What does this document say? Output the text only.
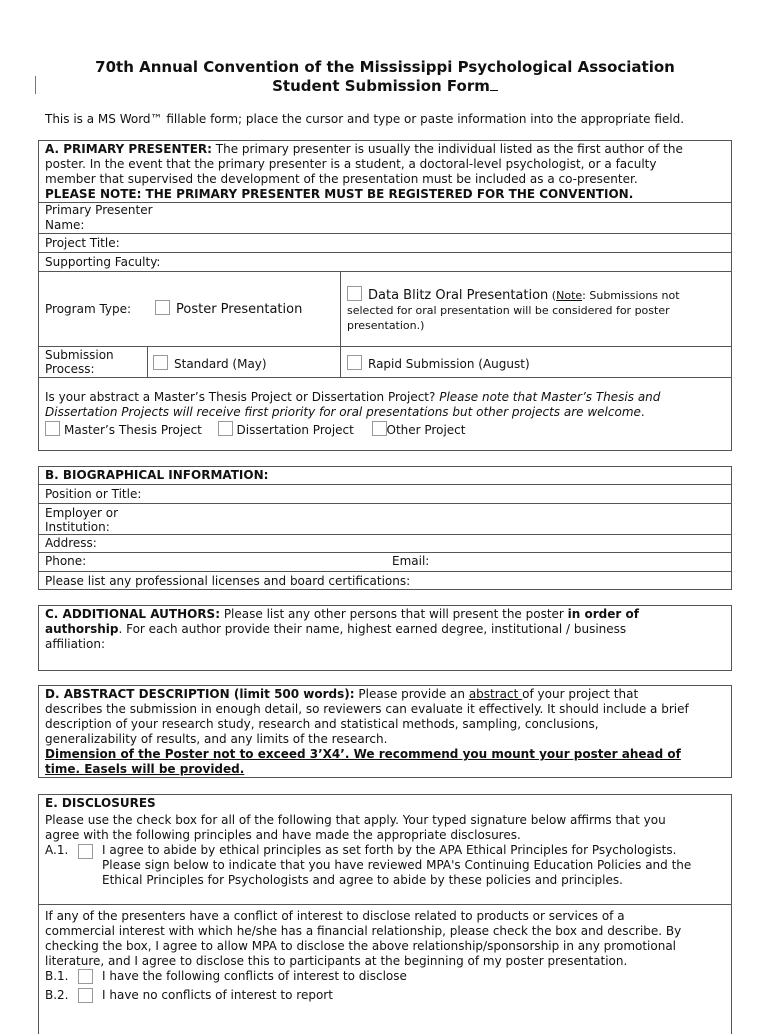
70th Annual Convention of the Mississippi Psychological Association
Student Submission Form
This is a MS Word™ fillable form; place the cursor and type or paste information into the appropriate field.
A. PRIMARY PRESENTER: The primary presenter is usually the individual listed as the first author of the
poster. In the event that the primary presenter is a student, a doctoral-level psychologist, or a faculty
member that supervised the development of the presentation must be included as a co-presenter.
PLEASE NOTE: THE PRIMARY PRESENTER MUST BE REGISTERED FOR THE CONVENTION.
Primary Presenter
Name:
Project Title:
Supporting Faculty:
Program Type:	Poster Presentation
Data Blitz Oral Presentation (Note: Submissions not
selected for oral presentation will be considered for poster
presentation.)
Submission
Process:	Standard (May)	Rapid Submission (August)
Is your abstract a Master’s Thesis Project or Dissertation Project? Please note that Master’s Thesis and
Dissertation Projects will receive first priority for oral presentations but other projects are welcome.
Master’s Thesis Project	Dissertation Project	Other Project
B. BIOGRAPHICAL INFORMATION:
Position or Title:
Employer or
Institution:
Address:
Phone:	Email:
Please list any professional licenses and board certifications:
C. ADDITIONAL AUTHORS: Please list any other persons that will present the poster in order of
authorship. For each author provide their name, highest earned degree, institutional / business
affiliation:
D. ABSTRACT DESCRIPTION (limit 500 words): Please provide an abstract of your project that
describes the submission in enough detail, so reviewers can evaluate it effectively. It should include a brief
description of your research study, research and statistical methods, sampling, conclusions,
generalizability of results, and any limits of the research.
Dimension of the Poster not to exceed 3’X4’. We recommend you mount your poster ahead of
time. Easels will be provided.
E. DISCLOSURES
Please use the check box for all of the following that apply. Your typed signature below affirms that you
agree with the following principles and have made the appropriate disclosures.
A.1.	I agree to abide by ethical principles as set forth by the APA Ethical Principles for Psychologists.
Please sign below to indicate that you have reviewed MPA's Continuing Education Policies and the
Ethical Principles for Psychologists and agree to abide by these policies and principles.
If any of the presenters have a conflict of interest to disclose related to products or services of a
commercial interest with which he/she has a financial relationship, please check the box and describe. By
checking the box, I agree to allow MPA to disclose the above relationship/sponsorship in any promotional
literature, and I agree to disclose this to participants at the beginning of my poster presentation.
B.1.	I have the following conflicts of interest to disclose
B.2.	I have no conflicts of interest to report
